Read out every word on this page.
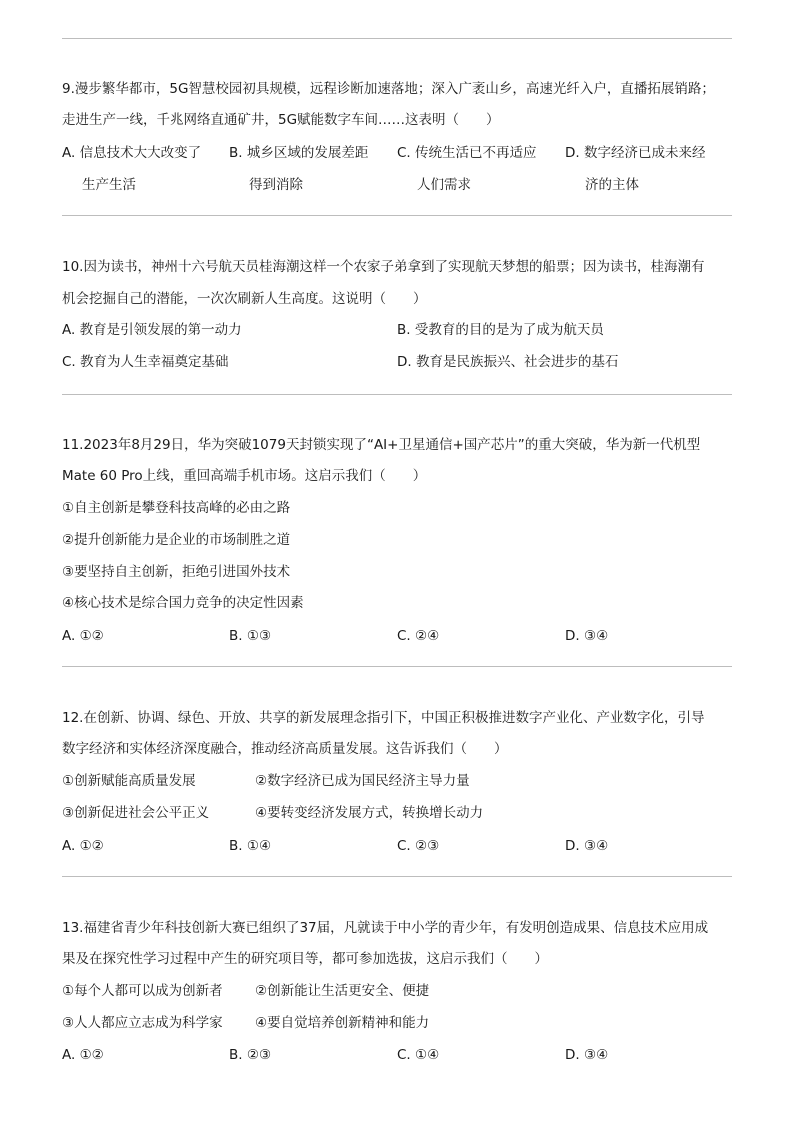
9.漫步繁华都市，5G智慧校园初具规模，远程诊断加速落地；深入广袤山乡，高速光纤入户，直播拓展销路；
走进生产一线，千兆网络直通矿井，5G赋能数字车间……这表明（　　）
A. 信息技术大大改变了
生产生活
B. 城乡区域的发展差距
得到消除
C. 传统生活已不再适应
人们需求
D. 数字经济已成未来经
济的主体
10.因为读书，神州十六号航天员桂海潮这样一个农家子弟拿到了实现航天梦想的船票；因为读书，桂海潮有
机会挖掘自己的潜能，一次次刷新人生高度。这说明（　　）
A. 教育是引领发展的第一动力	B. 受教育的目的是为了成为航天员
C. 教育为人生幸福奠定基础	D. 教育是民族振兴、社会进步的基石
11.2023年8月29日，华为突破1079天封锁实现了“AI+卫星通信+国产芯片”的重大突破，华为新一代机型
Mate 60 Pro上线，重回高端手机市场。这启示我们（　　）
①自主创新是攀登科技高峰的必由之路
②提升创新能力是企业的市场制胜之道
③要坚持自主创新，拒绝引进国外技术
④核心技术是综合国力竞争的决定性因素
A. ①②	B. ①③	C. ②④	D. ③④
12.在创新、协调、绿色、开放、共享的新发展理念指引下，中国正积极推进数字产业化、产业数字化，引导
数字经济和实体经济深度融合，推动经济高质量发展。这告诉我们（　　）
①创新赋能高质量发展	②数字经济已成为国民经济主导力量
③创新促进社会公平正义	④要转变经济发展方式，转换增长动力
A. ①②	B. ①④	C. ②③	D. ③④
13.福建省青少年科技创新大赛已组织了37届，凡就读于中小学的青少年，有发明创造成果、信息技术应用成
果及在探究性学习过程中产生的研究项目等，都可参加选拔，这启示我们（　　）
①每个人都可以成为创新者 ②创新能让生活更安全、便捷
③人人都应立志成为科学家 ④要自觉培养创新精神和能力
A. ①②	B. ②③	C. ①④	D. ③④
